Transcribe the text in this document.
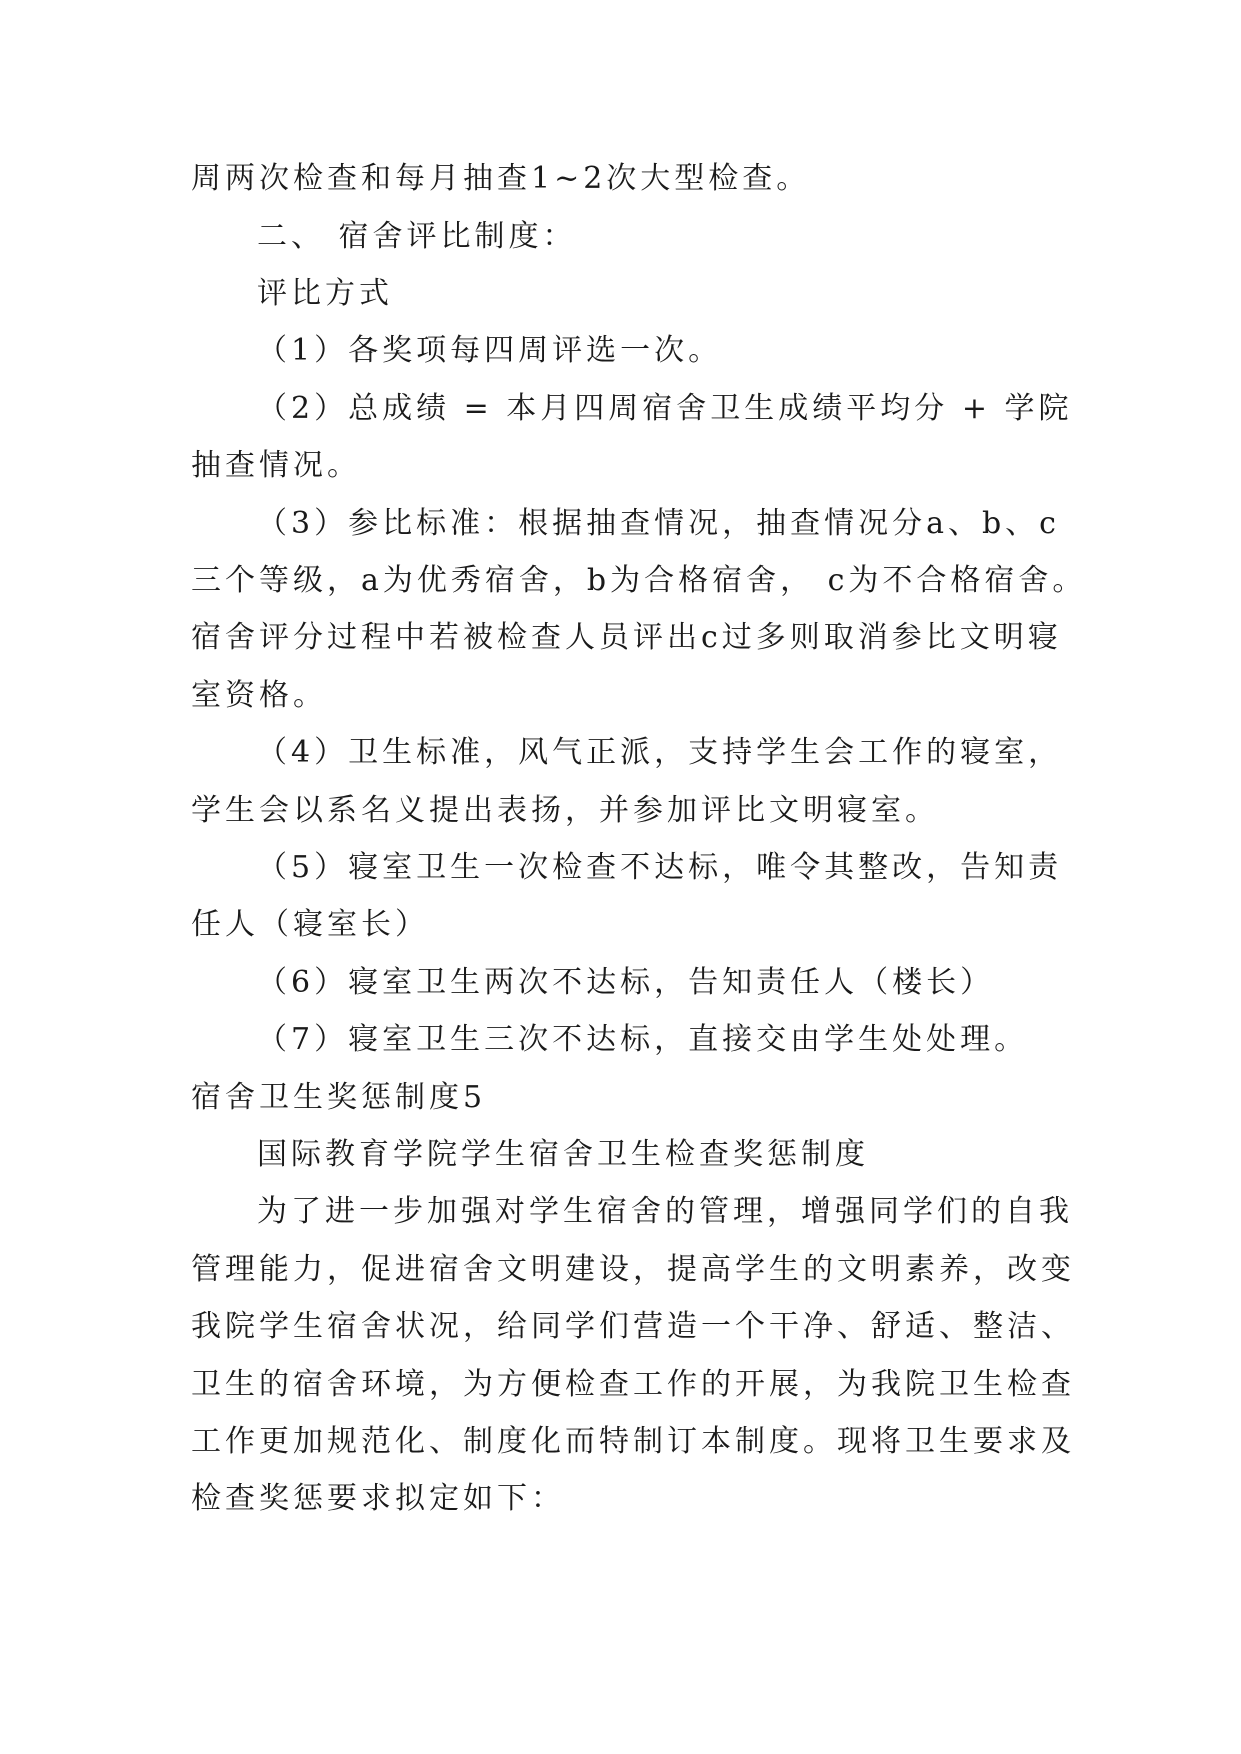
周两次检查和每月抽查1~2次大型检查。
二、 宿舍评比制度：
评比方式
（1）各奖项每四周评选一次。
（2）总成绩 = 本月四周宿舍卫生成绩平均分 + 学院
抽查情况。
（3）参比标准：根据抽查情况，抽查情况分a、b、c
三个等级，a为优秀宿舍，b为合格宿舍， c为不合格宿舍。
宿舍评分过程中若被检查人员评出c过多则取消参比文明寝
室资格。
（4）卫生标准，风气正派，支持学生会工作的寝室，
学生会以系名义提出表扬，并参加评比文明寝室。
（5）寝室卫生一次检查不达标，唯令其整改，告知责
任人（寝室长）
（6）寝室卫生两次不达标，告知责任人（楼长）
（7）寝室卫生三次不达标，直接交由学生处处理。
宿舍卫生奖惩制度5
国际教育学院学生宿舍卫生检查奖惩制度
为了进一步加强对学生宿舍的管理，增强同学们的自我
管理能力，促进宿舍文明建设，提高学生的文明素养，改变
我院学生宿舍状况，给同学们营造一个干净、舒适、整洁、
卫生的宿舍环境，为方便检查工作的开展，为我院卫生检查
工作更加规范化、制度化而特制订本制度。现将卫生要求及
检查奖惩要求拟定如下：
